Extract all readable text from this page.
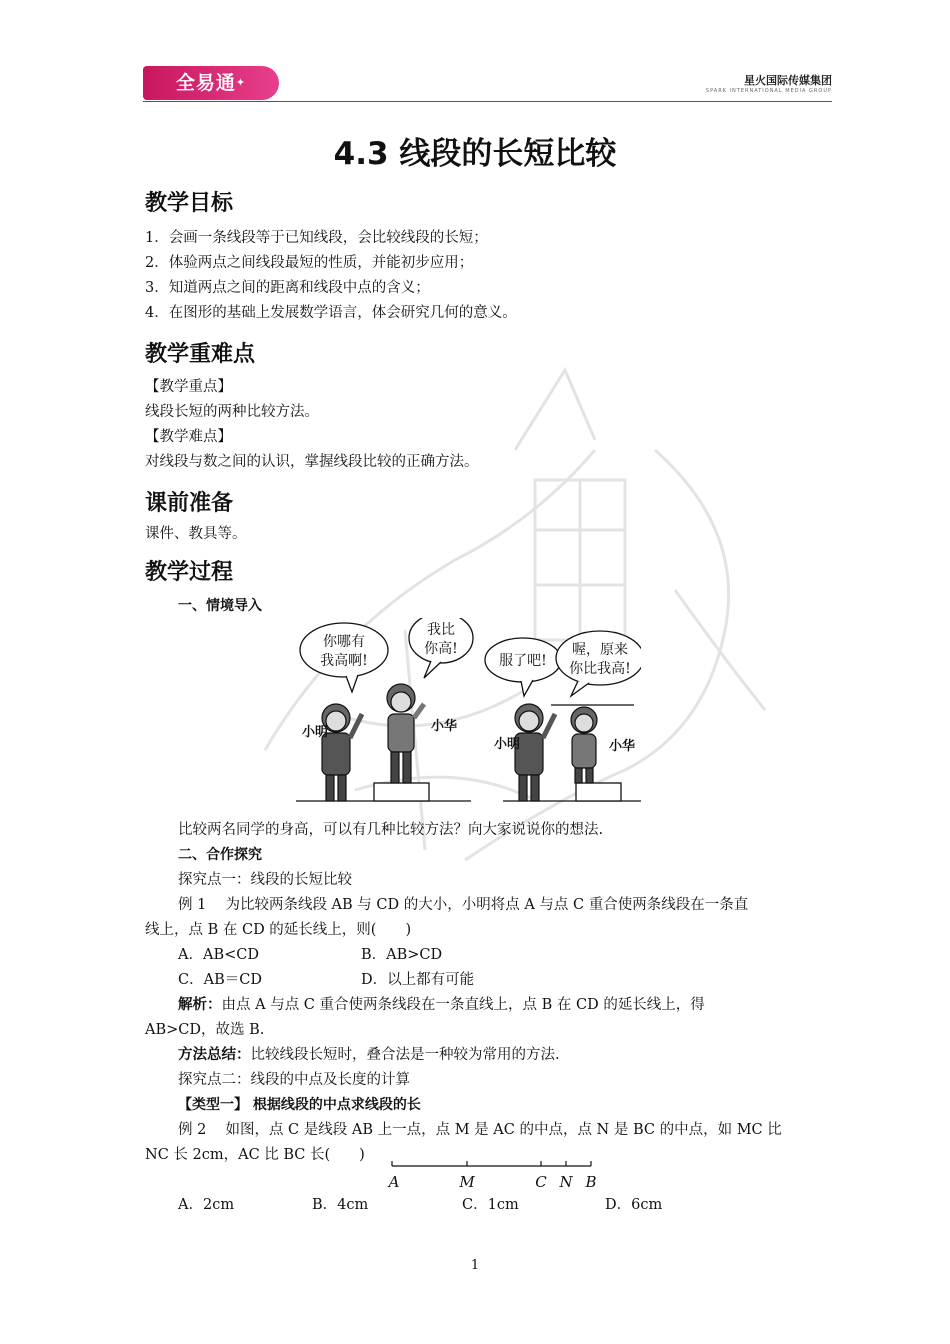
全易通✦	星火国际传媒集团
SPARK INTERNATIONAL MEDIA GROUP
4.3 线段的长短比较
教学目标
1．会画一条线段等于已知线段，会比较线段的长短；
2．体验两点之间线段最短的性质，并能初步应用；
3．知道两点之间的距离和线段中点的含义；
4．在图形的基础上发展数学语言，体会研究几何的意义。
教学重难点
【教学重点】
线段长短的两种比较方法。
【教学难点】
对线段与数之间的认识，掌握线段比较的正确方法。
课前准备
课件、教具等。
教学过程
一、情境导入
你哪有
我高啊!
我比
你高!
服了吧!
喔，原来
你比我高!
小明	小华
小明	小华
比较两名同学的身高，可以有几种比较方法？向大家说说你的想法.
二、合作探究
探究点一：线段的长短比较
例 1　 为比较两条线段 AB 与 CD 的大小，小明将点 A 与点 C 重合使两条线段在一条直
线上，点 B 在 CD 的延长线上，则(　　)
A．AB<CD	B．AB>CD
C．AB＝CD	D．以上都有可能
解析：由点 A 与点 C 重合使两条线段在一条直线上，点 B 在 CD 的延长线上，得
AB>CD，故选 B.
方法总结：比较线段长短时，叠合法是一种较为常用的方法.
探究点二：线段的中点及长度的计算
【类型一】 根据线段的中点求线段的长
例 2　 如图，点 C 是线段 AB 上一点，点 M 是 AC 的中点，点 N 是 BC 的中点，如 MC 比
NC 长 2cm，AC 比 BC 长(　　)
A	M	C N B
A．2cm	B．4cm	C．1cm	D．6cm
1
